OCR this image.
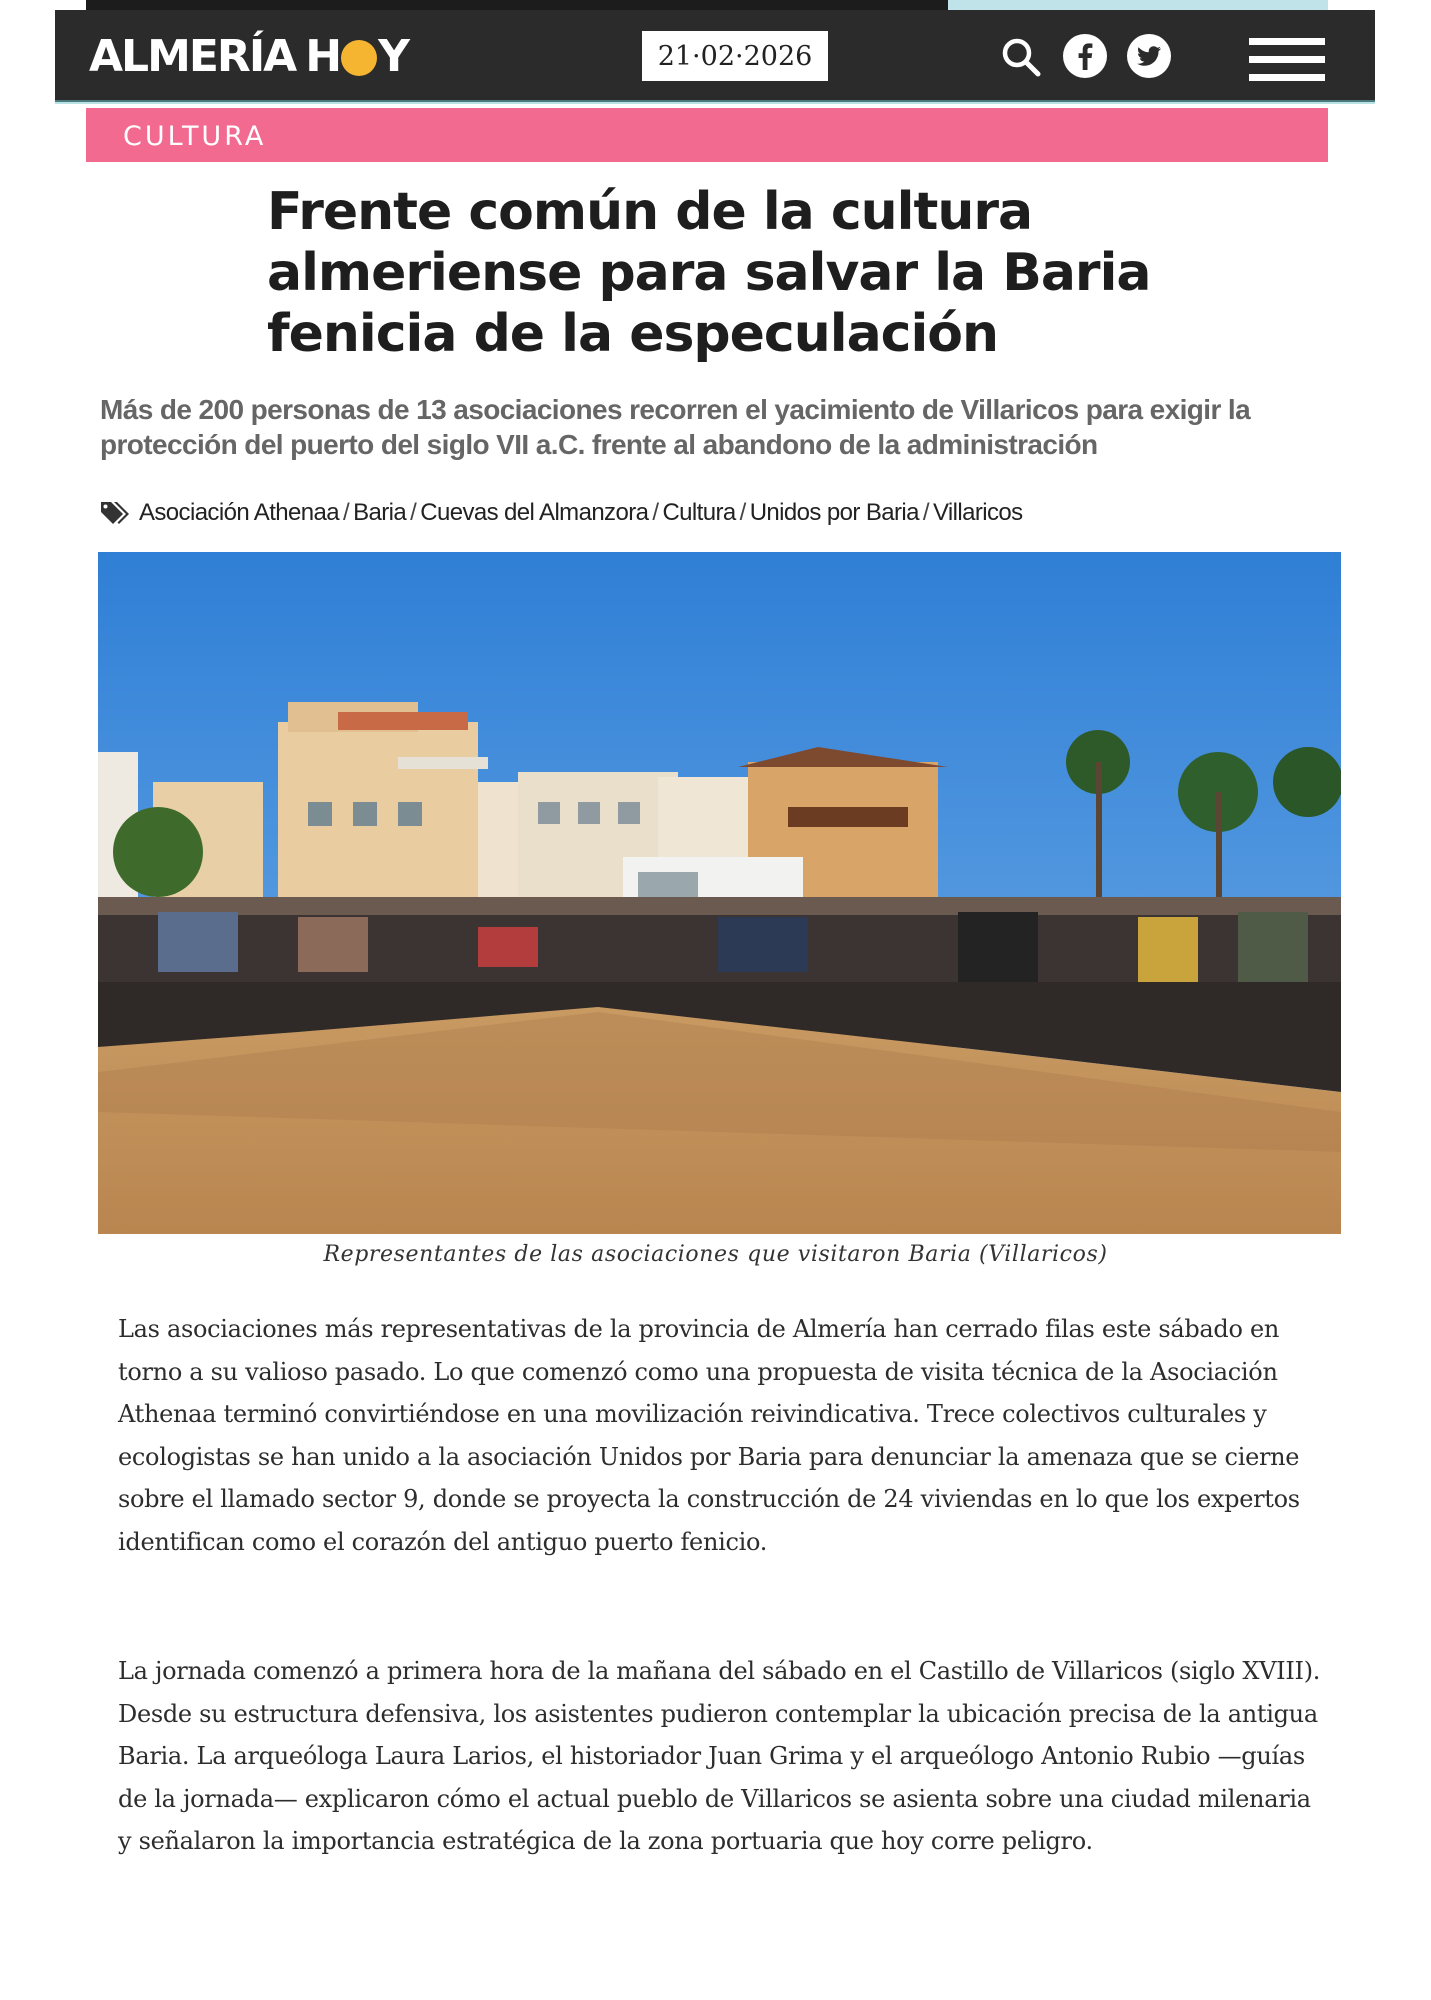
ALMERÍA H Y	21·02·2026
CULTURA
Frente común de la cultura almeriense para salvar la Baria fenicia de la especulación
Más de 200 personas de 13 asociaciones recorren el yacimiento de Villaricos para exigir la protección del puerto del siglo VII a.C. frente al abandono de la administración
Asociación Athenaa / Baria / Cuevas del Almanzora / Cultura / Unidos por Baria / Villaricos
Representantes de las asociaciones que visitaron Baria (Villaricos)

Las asociaciones más representativas de la provincia de Almería han cerrado filas este sábado en torno a su valioso pasado. Lo que comenzó como una propuesta de visita técnica de la Asociación Athenaa terminó convirtiéndose en una movilización reivindicativa. Trece colectivos culturales y ecologistas se han unido a la asociación Unidos por Baria para denunciar la amenaza que se cierne sobre el llamado sector 9, donde se proyecta la construcción de 24 viviendas en lo que los expertos identifican como el corazón del antiguo puerto fenicio.

La jornada comenzó a primera hora de la mañana del sábado en el Castillo de Villaricos (siglo XVIII). Desde su estructura defensiva, los asistentes pudieron contemplar la ubicación precisa de la antigua Baria. La arqueóloga Laura Larios, el historiador Juan Grima y el arqueólogo Antonio Rubio —guías de la jornada— explicaron cómo el actual pueblo de Villaricos se asienta sobre una ciudad milenaria y señalaron la importancia estratégica de la zona portuaria que hoy corre peligro.
